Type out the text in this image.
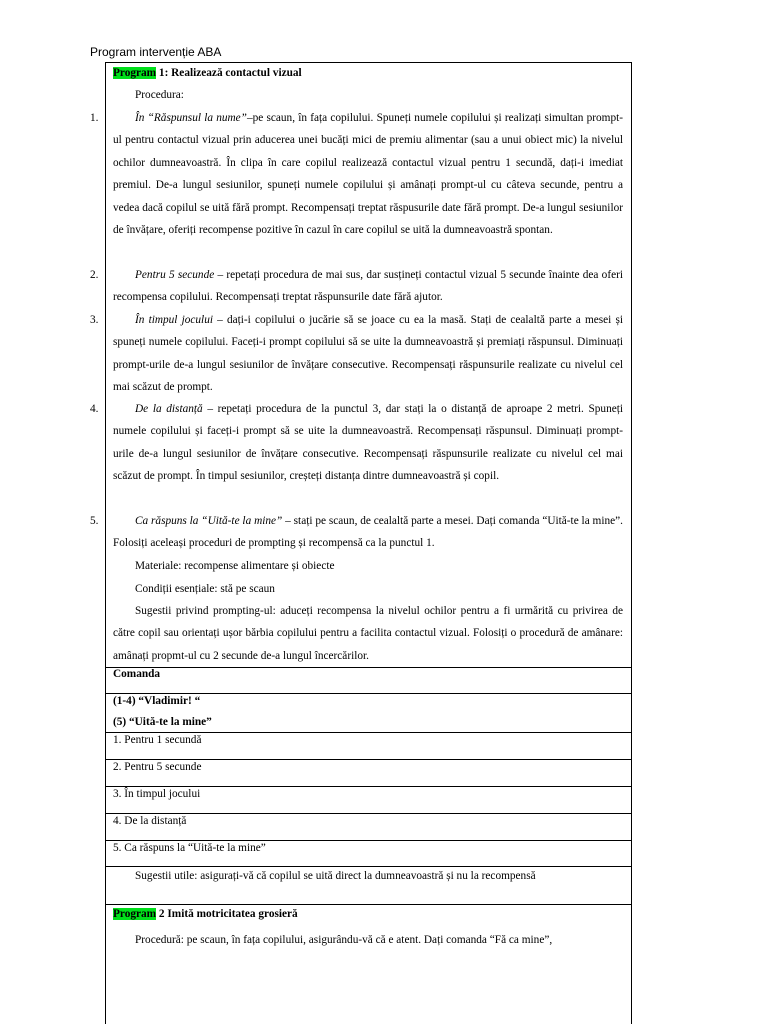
Program intervenție ABA
Program 1: Realizează contactul vizual
Procedura:
1.	În “Răspunsul la nume”–pe scaun, în fața copilului. Spuneți numele copilului și realizați simultan prompt-ul pentru contactul vizual prin aducerea unei bucăți mici de premiu alimentar (sau a unui obiect mic) la nivelul ochilor dumneavoastră. În clipa în care copilul realizează contactul vizual pentru 1 secundă, dați-i imediat premiul. De-a lungul sesiunilor, spuneți numele copilului și amânați prompt-ul cu câteva secunde, pentru a vedea dacă copilul se uită fără prompt. Recompensați treptat răspusurile date fără prompt. De-a lungul sesiunilor de învățare, oferiți recompense pozitive în cazul în care copilul se uită la dumneavoastră spontan.
2.	Pentru 5 secunde – repetați procedura de mai sus, dar susțineți contactul vizual 5 secunde înainte dea oferi recompensa copilului. Recompensați treptat răspunsurile date fără ajutor.
3.	În timpul jocului – dați-i copilului o jucărie să se joace cu ea la masă. Stați de cealaltă parte a mesei și spuneți numele copilului. Faceți-i prompt copilului să se uite la dumneavoastră și premiați răspunsul. Diminuați prompt-urile de-a lungul sesiunilor de învățare consecutive. Recompensați răspunsurile realizate cu nivelul cel mai scăzut de prompt.
4.	De la distanță – repetați procedura de la punctul 3, dar stați la o distanță de aproape 2 metri. Spuneți numele copilului și faceți-i prompt să se uite la dumneavoastră. Recompensați răspunsul. Diminuați prompt-urile de-a lungul sesiunilor de învățare consecutive. Recompensați răspunsurile realizate cu nivelul cel mai scăzut de prompt. În timpul sesiunilor, creșteți distanța dintre dumneavoastră și copil.
5.	Ca răspuns la “Uită-te la mine” – stați pe scaun, de cealaltă parte a mesei. Dați comanda “Uită-te la mine”. Folosiți aceleași proceduri de prompting și recompensă ca la punctul 1.
Materiale: recompense alimentare și obiecte
Condiții esențiale: stă pe scaun
Sugestii privind prompting-ul: aduceți recompensa la nivelul ochilor pentru a fi urmărită cu privirea de către copil sau orientați ușor bărbia copilului pentru a facilita contactul vizual. Folosiți o procedură de amânare: amânați propmt-ul cu 2 secunde de-a lungul încercărilor.
Comanda
(1-4) “Vladimir! “
(5) “Uită-te la mine”
1. Pentru 1 secundă
2. Pentru 5 secunde
3. În timpul jocului
4. De la distanță
5. Ca răspuns la “Uită-te la mine”
Sugestii utile: asigurați-vă că copilul se uită direct la dumneavoastră și nu la recompensă
Program 2 Imită motricitatea grosieră
Procedură: pe scaun, în fața copilului, asigurându-vă că e atent. Dați comanda “Fă ca mine”,
